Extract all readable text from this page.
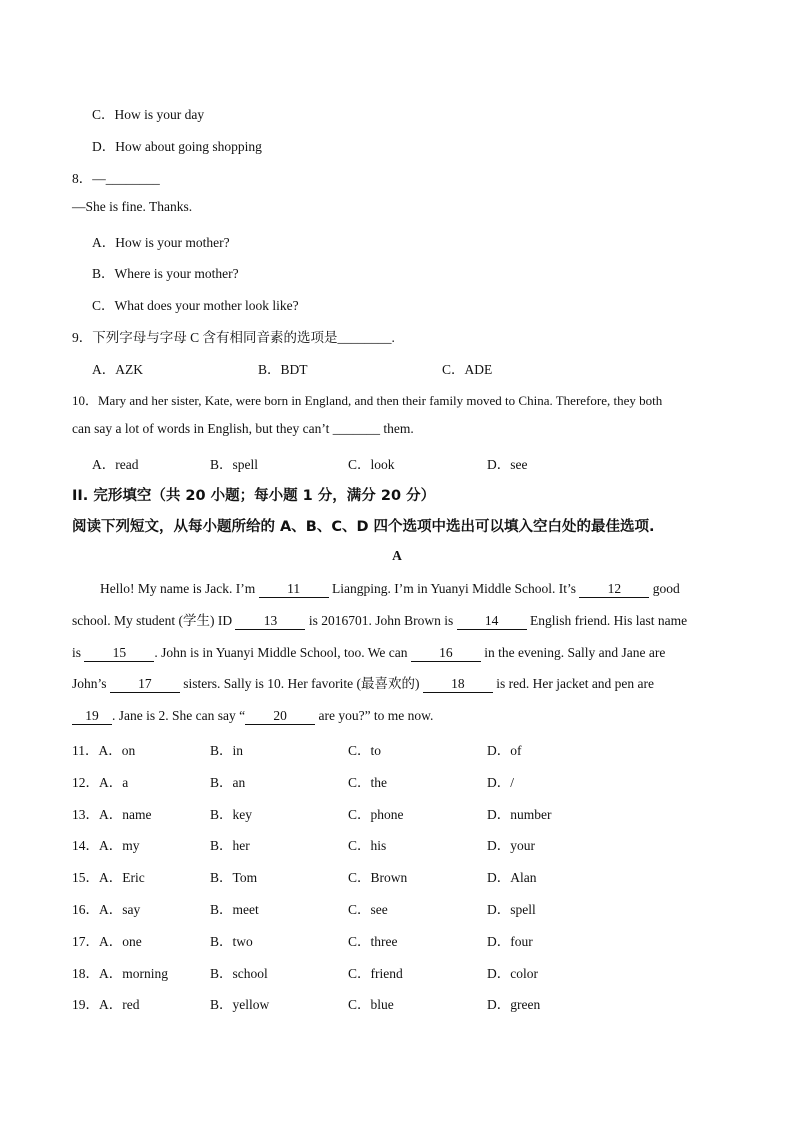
C．How is your day
D．How about going shopping
8．—________
—She is fine. Thanks.
A．How is your mother?
B．Where is your mother?
C．What does your mother look like?
9．下列字母与字母 C 含有相同音素的选项是________.
A．AZK	B．BDT	C．ADE
10．Mary and her sister, Kate, were born in England, and then their family moved to China. Therefore, they both
can say a lot of words in English, but they can’t _______ them.
A．read	B．spell	C．look	D．see
II. 完形填空（共 20 小题；每小题 1 分，满分 20 分）
阅读下列短文，从每小题所给的 A、B、C、D 四个选项中选出可以填入空白处的最佳选项.
A
Hello! My name is Jack. I’m 11 Liangping. I’m in Yuanyi Middle School. It’s 12 good
school. My student (学生) ID 13 is 2016701. John Brown is 14 English friend. His last name
is 15 . John is in Yuanyi Middle School, too. We can 16 in the evening. Sally and Jane are
John’s 17 sisters. Sally is 10. Her favorite (最喜欢的) 18 is red. Her jacket and pen are
19 . Jane is 2. She can say “ 20 are you?” to me now.
11．A．on	B．in	C．to	D．of
12．A．a	B．an	C．the	D．/
13．A．name	B．key	C．phone	D．number
14．A．my	B．her	C．his	D．your
15．A．Eric	B．Tom	C．Brown	D．Alan
16．A．say	B．meet	C．see	D．spell
17．A．one	B．two	C．three	D．four
18．A．morning	B．school	C．friend	D．color
19．A．red	B．yellow	C．blue	D．green
